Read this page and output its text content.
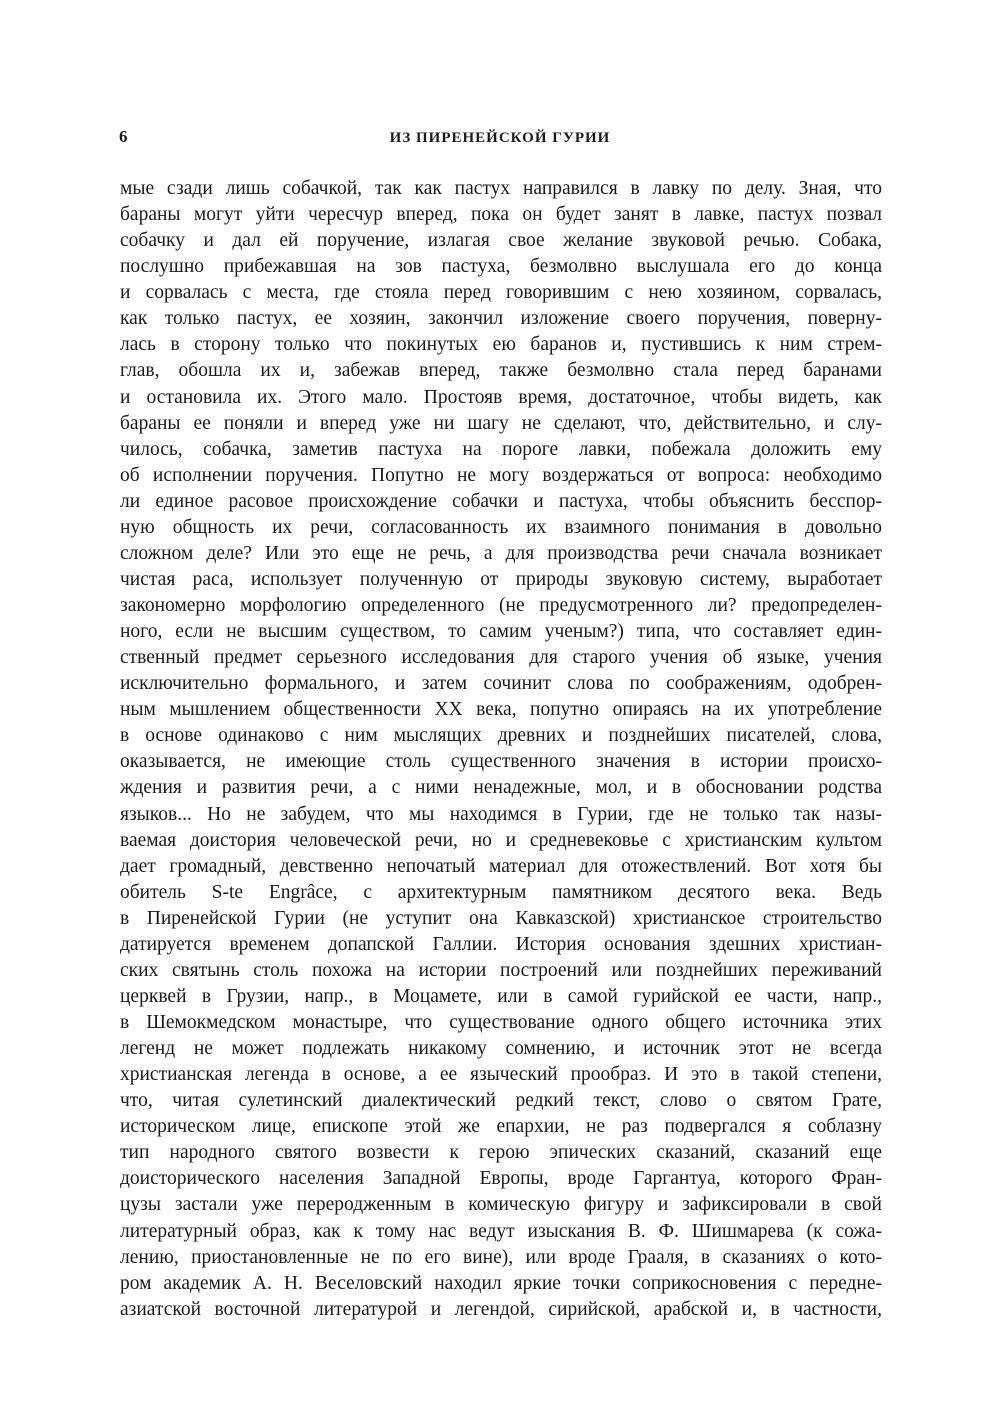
6	ИЗ ПИРЕНЕЙСКОЙ ГУРИИ
мые сзади лишь собачкой, так как пастух направился в лавку по делу. Зная, что
бараны могут уйти чересчур вперед, пока он будет занят в лавке, пастух позвал
собачку и дал ей поручение, излагая свое желание звуковой речью. Собака,
послушно прибежавшая на зов пастуха, безмолвно выслушала его до конца
и сорвалась с места, где стояла перед говорившим с нею хозяином, сорвалась,
как только пастух, ее хозяин, закончил изложение своего поручения, поверну-
лась в сторону только что покинутых ею баранов и, пустившись к ним стрем-
глав, обошла их и, забежав вперед, также безмолвно стала перед баранами
и остановила их. Этого мало. Простояв время, достаточное, чтобы видеть, как
бараны ее поняли и вперед уже ни шагу не сделают, что, действительно, и слу-
чилось, собачка, заметив пастуха на пороге лавки, побежала доложить ему
об исполнении поручения. Попутно не могу воздержаться от вопроса: необходимо
ли единое расовое происхождение собачки и пастуха, чтобы объяснить бесспор-
ную общность их речи, согласованность их взаимного понимания в довольно
сложном деле? Или это еще не речь, а для производства речи сначала возникает
чистая раса, использует полученную от природы звуковую систему, выработает
закономерно морфологию определенного (не предусмотренного ли? предопределен-
ного, если не высшим существом, то самим ученым?) типа, что составляет един-
ственный предмет серьезного исследования для старого учения об языке, учения
исключительно формального, и затем сочинит слова по соображениям, одобрен-
ным мышлением общественности XX века, попутно опираясь на их употребление
в основе одинаково с ним мыслящих древних и позднейших писателей, слова,
оказывается, не имеющие столь существенного значения в истории происхо-
ждения и развития речи, а с ними ненадежные, мол, и в обосновании родства
языков... Но не забудем, что мы находимся в Гурии, где не только так назы-
ваемая доистория человеческой речи, но и средневековье с христианским культом
дает громадный, девственно непочатый материал для отожествлений. Вот хотя бы
обитель S-te Engrâce, с архитектурным памятником десятого века. Ведь
в Пиренейской Гурии (не уступит она Кавказской) христианское строительство
датируется временем допапской Галлии. История основания здешних христиан-
ских святынь столь похожа на истории построений или позднейших переживаний
церквей в Грузии, напр., в Моцамете, или в самой гурийской ее части, напр.,
в Шемокмедском монастыре, что существование одного общего источника этих
легенд не может подлежать никакому сомнению, и источник этот не всегда
христианская легенда в основе, а ее языческий прообраз. И это в такой степени,
что, читая сулетинский диалектический редкий текст, слово о святом Грате,
историческом лице, епископе этой же епархии, не раз подвергался я соблазну
тип народного святого возвести к герою эпических сказаний, сказаний еще
доисторического населения Западной Европы, вроде Гаргантуа, которого Фран-
цузы застали уже переродженным в комическую фигуру и зафиксировали в свой
литературный образ, как к тому нас ведут изыскания В. Ф. Шишмарева (к сожа-
лению, приостановленные не по его вине), или вроде Грааля, в сказаниях о кото-
ром академик А. Н. Веселовский находил яркие точки соприкосновения с передне-
азиатской восточной литературой и легендой, сирийской, арабской и, в частности,
